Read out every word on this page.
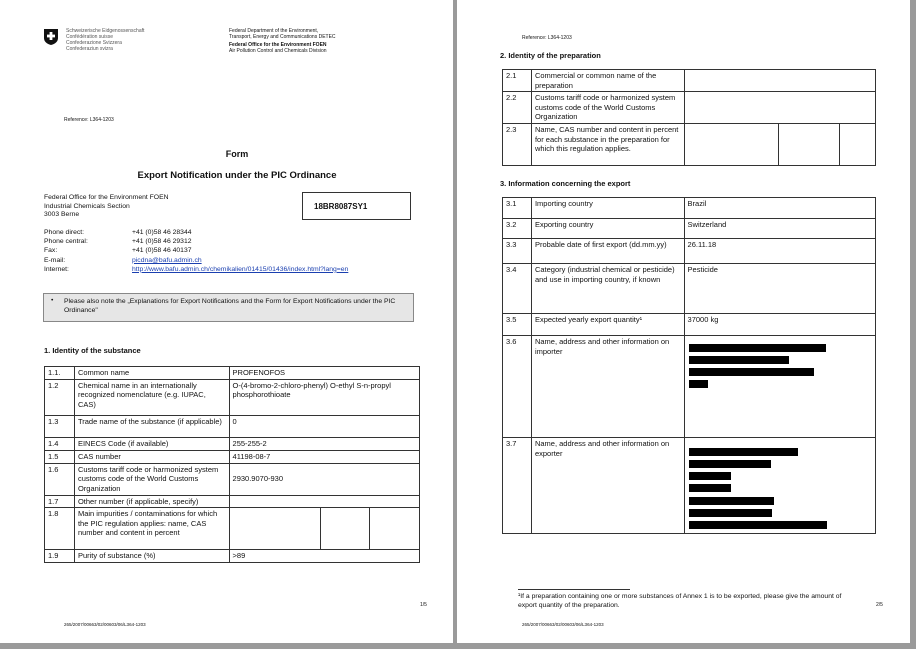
Schweizerische Eidgenossenschaft
Confédération suisse
Confederazione Svizzera
Confederaziun svizra
Federal Department of the Environment,
Transport, Energy and Communications DETEC
Federal Office for the Environment FOEN
Air Pollution Control and Chemicals Division
Reference: L364-1203
Form
Export Notification under the PIC Ordinance
Federal Office for the Environment FOEN
Industrial Chemicals Section
3003 Berne
18BR8087SY1
Phone direct:	+41 (0)58 46 28344
Phone central:	+41 (0)58 46 29312
Fax:	+41 (0)58 46 40137
E-mail:	picdna@bafu.admin.ch
Internet:	http://www.bafu.admin.ch/chemikalien/01415/01436/index.html?lang=en
• Please also note the „Explanations for Export Notifications and the Form for Export Notifications under the PIC Ordinance"
1. Identity of the substance
1.1.	Common name	PROFENOFOS		
1.2	Chemical name in an internationally recognized nomenclature (e.g. IUPAC, CAS)	O-(4-bromo-2-chloro-phenyl) O-ethyl S-n-propyl phosphorothioate		
1.3	Trade name of the substance (if applicable)	0		
1.4	EINECS Code (if available)	255-255-2		
1.5	CAS number	41198-08-7		
1.6	Customs tariff code or harmonized system customs code of the World Customs Organization	2930.9070-930		
1.7	Other number (if applicable, specify)			
1.8	Main impurities / contaminations for which the PIC regulation applies: name, CAS number and content in percent			
1.9	Purity of substance (%)	>89		
1/5
265/2007/00663/02/00603/06/L364-1203
Reference: L364-1203
2. Identity of the preparation
2.1	Commercial or common name of the preparation			
2.2	Customs tariff code or harmonized system customs code of the World Customs Organization			
2.3	Name, CAS number and content in percent for each substance in the preparation for which this regulation applies.			
3. Information concerning the export
3.1	Importing country	Brazil
3.2	Exporting country	Switzerland
3.3	Probable date of first export (dd.mm.yy)	26.11.18
3.4	Category (industrial chemical or pesticide) and use in importing country, if known	Pesticide
3.5	Expected yearly export quantity¹	37000 kg
3.6	Name, address and other information on importer	
3.7	Name, address and other information on exporter	
¹If a preparation containing one or more substances of Annex 1 is to be exported, please give the amount of export quantity of the preparation.	2/5
265/2007/00663/02/00603/06/L364-1203
